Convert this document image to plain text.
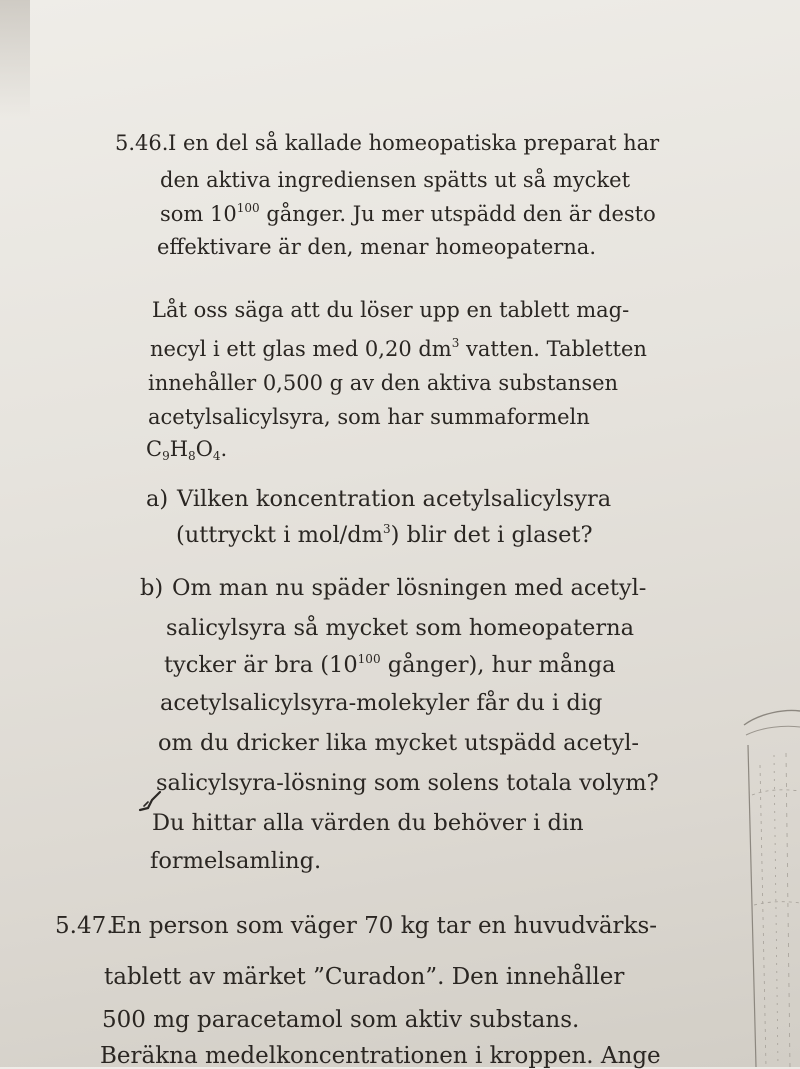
5.46. I en del så kallade homeopatiska preparat har
den aktiva ingrediensen spätts ut så mycket
som $10^{100}$ gånger. Ju mer utspädd den är desto
effektivare är den, menar homeopaterna.
Låt oss säga att du löser upp en tablett mag-
necyl i ett glas med 0,20 $dm^3$ vatten. Tabletten
innehåller 0,500 g av den aktiva substansen
acetylsalicylsyra, som har summaformeln
$C_9H_8O_4$.
a) Vilken koncentration acetylsalicylsyra
(uttryckt i mol/$dm^3$) blir det i glaset?
b) Om man nu späder lösningen med acetyl-
salicylsyra så mycket som homeopaterna
tycker är bra ($10^{100}$ gånger), hur många
acetylsalicylsyra-molekyler får du i dig
om du dricker lika mycket utspädd acetyl-
salicylsyra-lösning som solens totala volym?
Du hittar alla värden du behöver i din
formelsamling.
5.47.
En person som väger 70 kg tar en huvudvärks-
tablett av märket ”Curadon”. Den innehåller
500 mg paracetamol som aktiv substans.
Beräkna medelkoncentrationen i kroppen. Ange
